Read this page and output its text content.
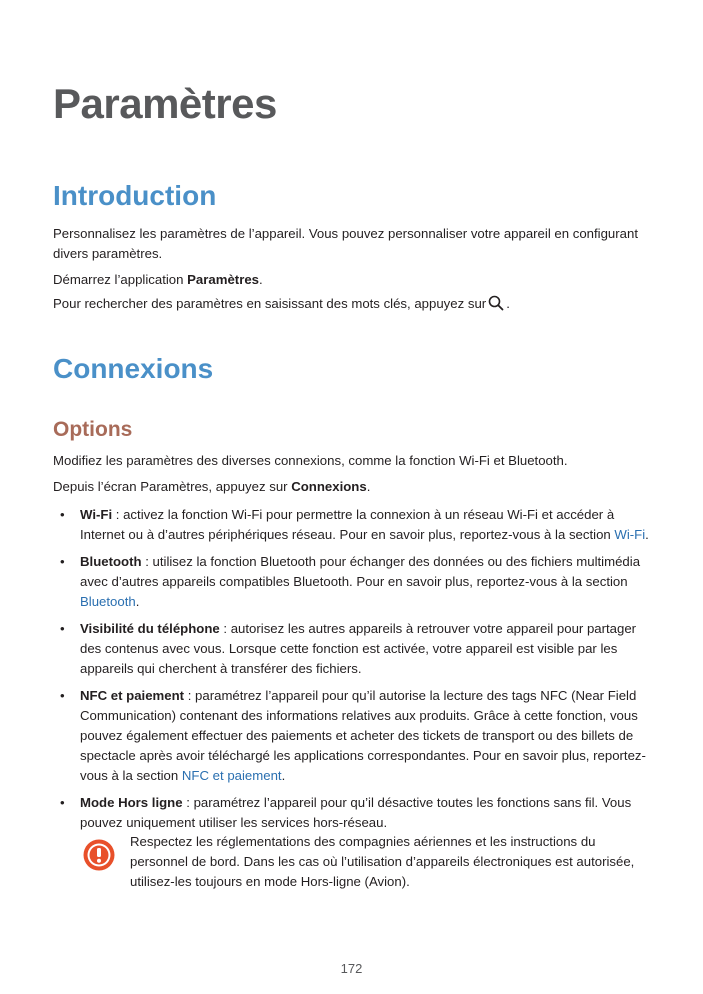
Paramètres
Introduction

Personnalisez les paramètres de l’appareil. Vous pouvez personnaliser votre appareil en configurant divers paramètres.

Démarrez l’application Paramètres.

Pour rechercher des paramètres en saisissant des mots clés, appuyez sur .

Connexions
Options

Modifiez les paramètres des diverses connexions, comme la fonction Wi-Fi et Bluetooth.

Depuis l’écran Paramètres, appuyez sur Connexions.

• Wi-Fi : activez la fonction Wi-Fi pour permettre la connexion à un réseau Wi-Fi et accéder à Internet ou à d’autres périphériques réseau. Pour en savoir plus, reportez-vous à la section Wi-Fi.
• Bluetooth : utilisez la fonction Bluetooth pour échanger des données ou des fichiers multimédia avec d’autres appareils compatibles Bluetooth. Pour en savoir plus, reportez-vous à la section Bluetooth.
• Visibilité du téléphone : autorisez les autres appareils à retrouver votre appareil pour partager des contenus avec vous. Lorsque cette fonction est activée, votre appareil est visible par les appareils qui cherchent à transférer des fichiers.
• NFC et paiement : paramétrez l’appareil pour qu’il autorise la lecture des tags NFC (Near Field Communication) contenant des informations relatives aux produits. Grâce à cette fonction, vous pouvez également effectuer des paiements et acheter des tickets de transport ou des billets de spectacle après avoir téléchargé les applications correspondantes. Pour en savoir plus, reportez-vous à la section NFC et paiement.
• Mode Hors ligne : paramétrez l’appareil pour qu’il désactive toutes les fonctions sans fil. Vous pouvez uniquement utiliser les services hors-réseau.

Respectez les réglementations des compagnies aériennes et les instructions du personnel de bord. Dans les cas où l’utilisation d’appareils électroniques est autorisée, utilisez-les toujours en mode Hors-ligne (Avion).

172
